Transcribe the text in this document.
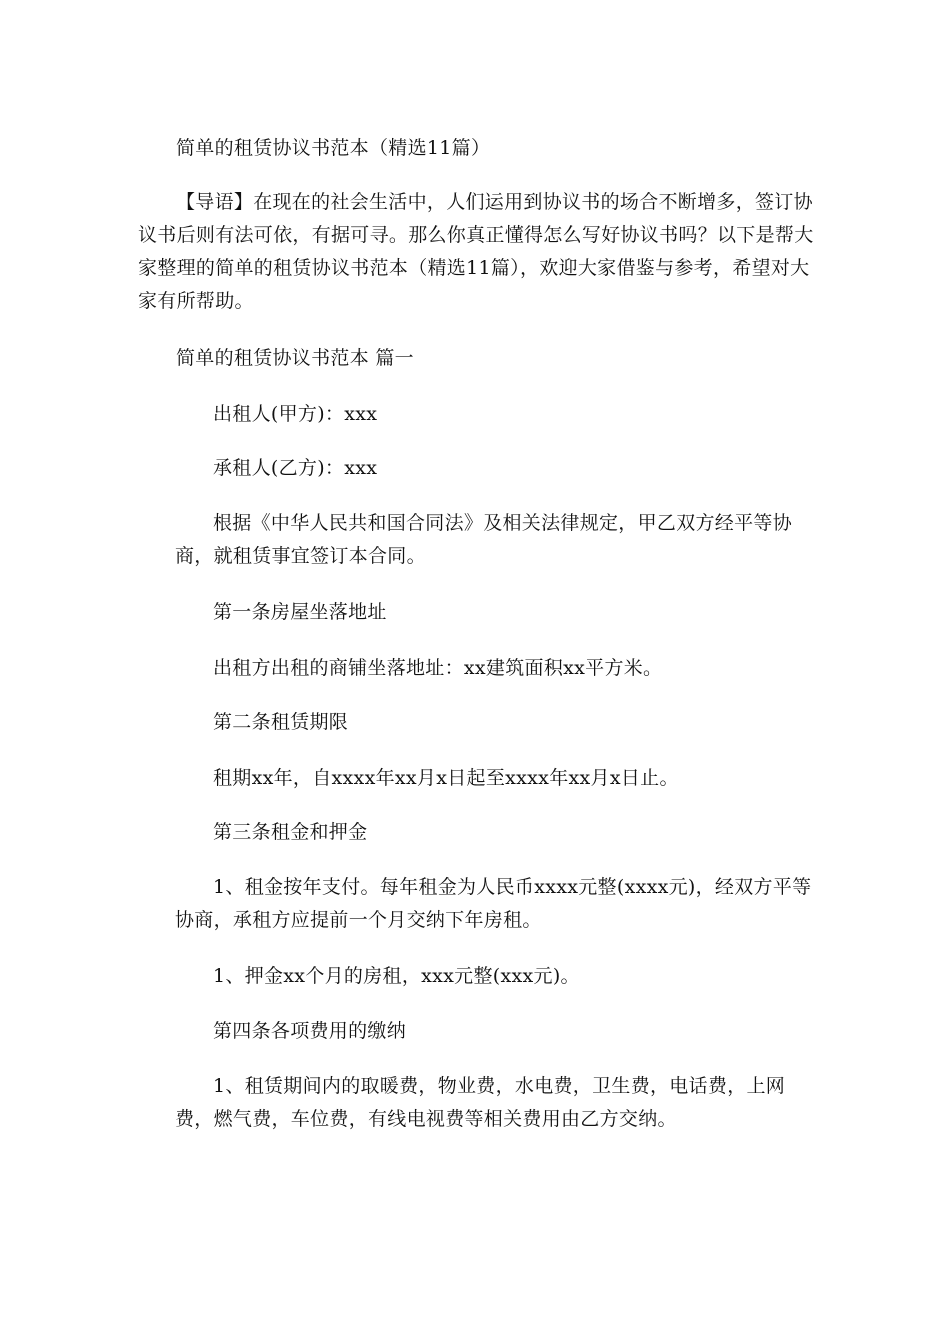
简单的租赁协议书范本（精选11篇）
【导语】在现在的社会生活中，人们运用到协议书的场合不断增多，签订协议书后则有法可依，有据可寻。那么你真正懂得怎么写好协议书吗？以下是帮大家整理的简单的租赁协议书范本（精选11篇），欢迎大家借鉴与参考，希望对大家有所帮助。
简单的租赁协议书范本 篇一
出租人(甲方)：xxx
承租人(乙方)：xxx
根据《中华人民共和国合同法》及相关法律规定，甲乙双方经平等协商，就租赁事宜签订本合同。
第一条房屋坐落地址
出租方出租的商铺坐落地址：xx建筑面积xx平方米。
第二条租赁期限
租期xx年，自xxxx年xx月x日起至xxxx年xx月x日止。
第三条租金和押金
1、租金按年支付。每年租金为人民币xxxx元整(xxxx元)，经双方平等协商，承租方应提前一个月交纳下年房租。
1、押金xx个月的房租，xxx元整(xxx元)。
第四条各项费用的缴纳
1、租赁期间内的取暖费，物业费，水电费，卫生费，电话费，上网费，燃气费，车位费，有线电视费等相关费用由乙方交纳。
